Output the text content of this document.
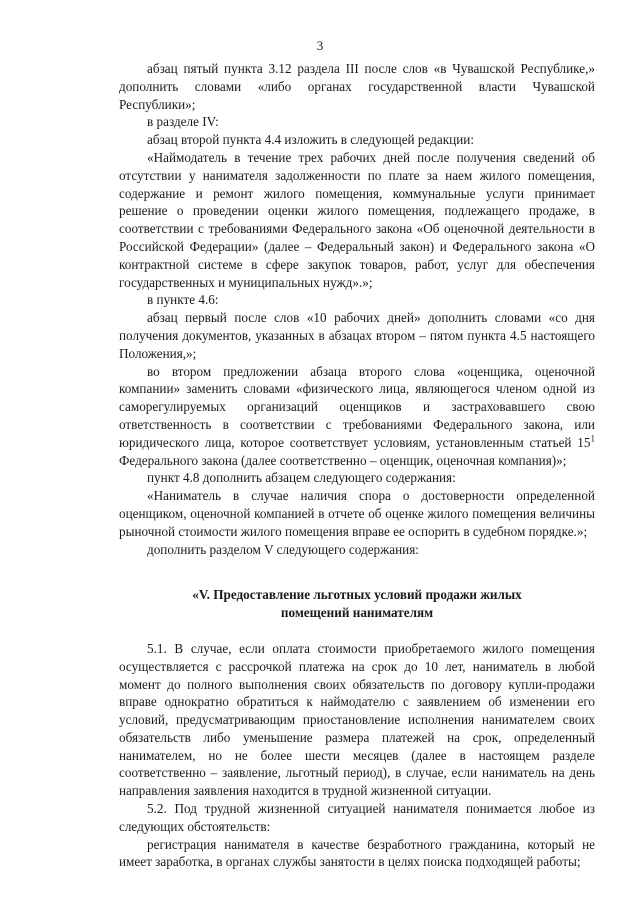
3

абзац пятый пункта 3.12 раздела III после слов «в Чувашской Республике,» дополнить словами «либо органах государственной власти Чувашской Республики»;

в разделе IV:

абзац второй пункта 4.4 изложить в следующей редакции:

«Наймодатель в течение трех рабочих дней после получения сведений об отсутствии у нанимателя задолженности по плате за наем жилого помещения, содержание и ремонт жилого помещения, коммунальные услуги принимает решение о проведении оценки жилого помещения, подлежащего продаже, в соответствии с требованиями Федерального закона «Об оценочной деятельности в Российской Федерации» (далее – Федеральный закон) и Федерального закона «О контрактной системе в сфере закупок товаров, работ, услуг для обеспечения государственных и муниципальных нужд».»;

в пункте 4.6:

абзац первый после слов «10 рабочих дней» дополнить словами «со дня получения документов, указанных в абзацах втором – пятом пункта 4.5 настоящего Положения,»;

во втором предложении абзаца второго слова «оценщика, оценочной компании» заменить словами «физического лица, являющегося членом одной из саморегулируемых организаций оценщиков и застраховавшего свою ответственность в соответствии с требованиями Федерального закона, или юридического лица, которое соответствует условиям, установленным статьей $15^1$ Федерального закона (далее соответственно – оценщик, оценочная компания)»;

пункт 4.8 дополнить абзацем следующего содержания:

«Наниматель в случае наличия спора о достоверности определенной оценщиком, оценочной компанией в отчете об оценке жилого помещения величины рыночной стоимости жилого помещения вправе ее оспорить в судебном порядке.»;

дополнить разделом V следующего содержания:

«V. Предоставление льготных условий продажи жилых
помещений нанимателям

5.1. В случае, если оплата стоимости приобретаемого жилого помещения осуществляется с рассрочкой платежа на срок до 10 лет, наниматель в любой момент до полного выполнения своих обязательств по договору купли-продажи вправе однократно обратиться к наймодателю с заявлением об изменении его условий, предусматривающим приостановление исполнения нанимателем своих обязательств либо уменьшение размера платежей на срок, определенный нанимателем, но не более шести месяцев (далее в настоящем разделе соответственно – заявление, льготный период), в случае, если наниматель на день направления заявления находится в трудной жизненной ситуации.

5.2. Под трудной жизненной ситуацией нанимателя понимается любое из следующих обстоятельств:

регистрация нанимателя в качестве безработного гражданина, который не имеет заработка, в органах службы занятости в целях поиска подходящей работы;
